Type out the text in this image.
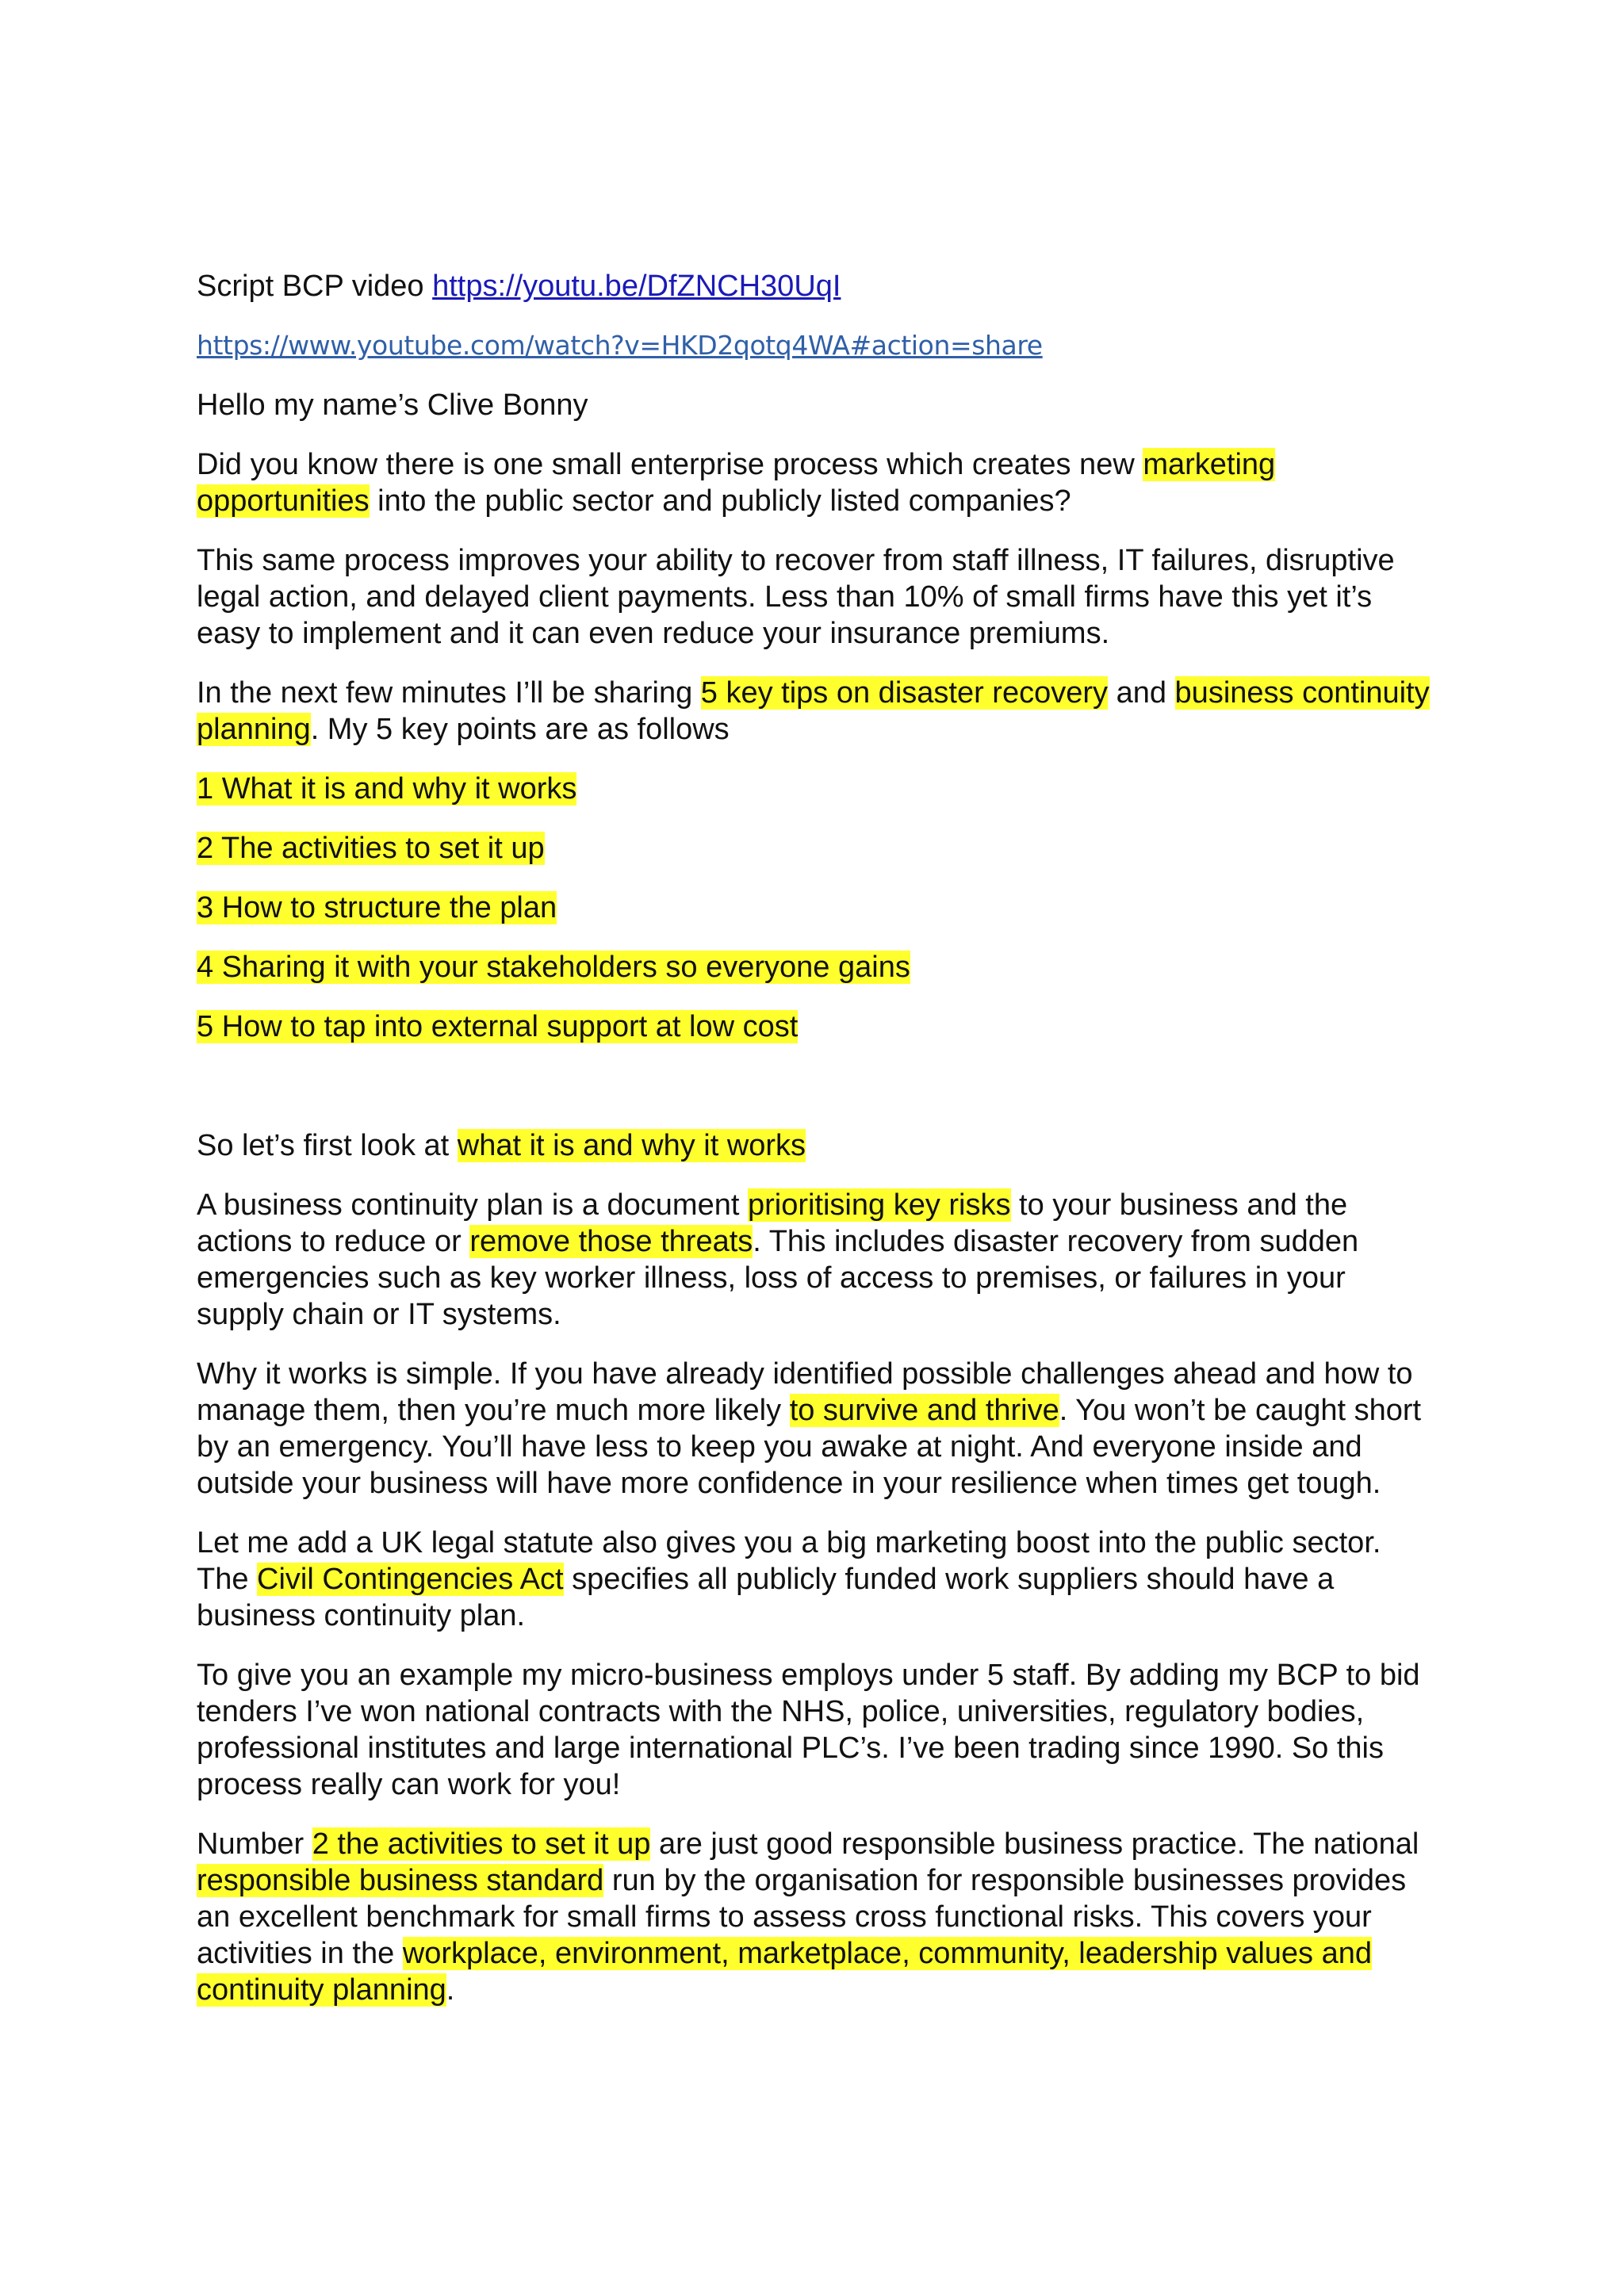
Script BCP video https://youtu.be/DfZNCH30UqI
https://www.youtube.com/watch?v=HKD2qotq4WA#action=share

Hello my name’s Clive Bonny

Did you know there is one small enterprise process which creates new marketing opportunities into the public sector and publicly listed companies?

This same process improves your ability to recover from staff illness, IT failures, disruptive legal action, and delayed client payments. Less than 10% of small firms have this yet it’s easy to implement and it can even reduce your insurance premiums.

In the next few minutes I’ll be sharing 5 key tips on disaster recovery and business continuity planning. My 5 key points are as follows

1 What it is and why it works

2 The activities to set it up

3 How to structure the plan

4 Sharing it with your stakeholders so everyone gains

5 How to tap into external support at low cost

So let’s first look at what it is and why it works

A business continuity plan is a document prioritising key risks to your business and the actions to reduce or remove those threats. This includes disaster recovery from sudden emergencies such as key worker illness, loss of access to premises, or failures in your supply chain or IT systems.

Why it works is simple. If you have already identified possible challenges ahead and how to manage them, then you’re much more likely to survive and thrive. You won’t be caught short by an emergency. You’ll have less to keep you awake at night. And everyone inside and outside your business will have more confidence in your resilience when times get tough.

Let me add a UK legal statute also gives you a big marketing boost into the public sector. The Civil Contingencies Act specifies all publicly funded work suppliers should have a business continuity plan.

To give you an example my micro-business employs under 5 staff. By adding my BCP to bid tenders I’ve won national contracts with the NHS, police, universities, regulatory bodies, professional institutes and large international PLC’s. I’ve been trading since 1990. So this process really can work for you!

Number 2 the activities to set it up are just good responsible business practice. The national responsible business standard run by the organisation for responsible businesses provides an excellent benchmark for small firms to assess cross functional risks. This covers your activities in the workplace, environment, marketplace, community, leadership values and continuity planning.
